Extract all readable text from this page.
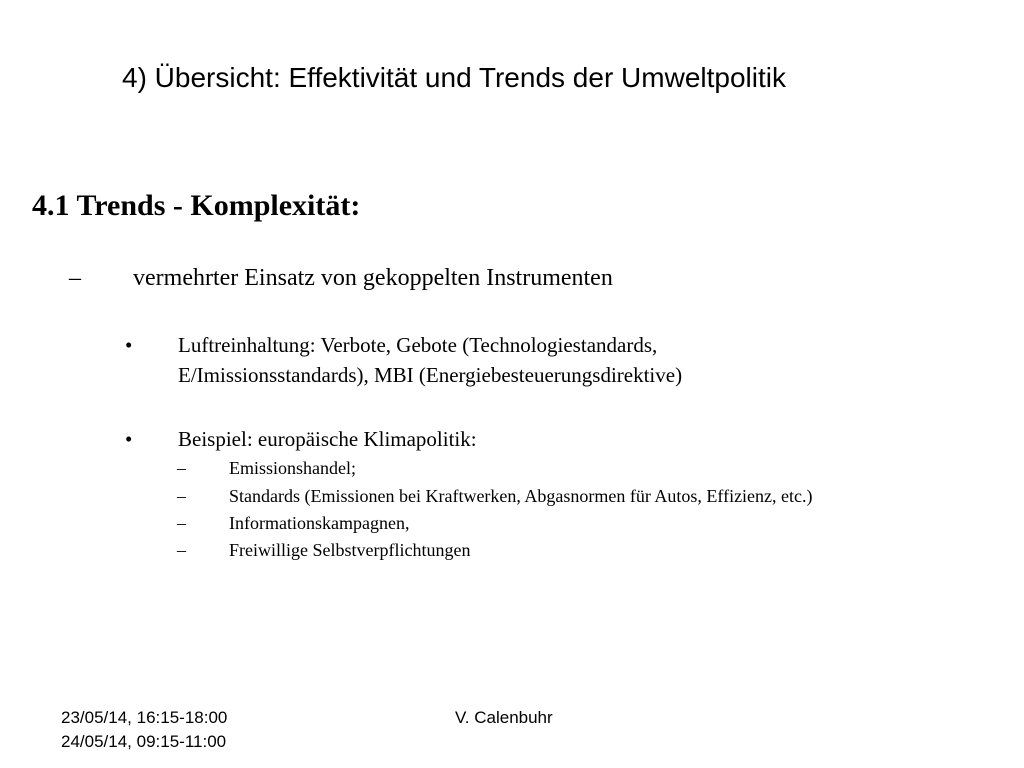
4) Übersicht: Effektivität und Trends der Umweltpolitik
4.1 Trends - Komplexität:
– vermehrter Einsatz von gekoppelten Instrumenten
• Luftreinhaltung: Verbote, Gebote (Technologiestandards,
E/Imissionsstandards), MBI (Energiebesteuerungsdirektive)
• Beispiel: europäische Klimapolitik:
– Emissionshandel;
– Standards (Emissionen bei Kraftwerken, Abgasnormen für Autos, Effizienz, etc.)
– Informationskampagnen,
– Freiwillige Selbstverpflichtungen
23/05/14, 16:15-18:00
24/05/14, 09:15-11:00
V. Calenbuhr
